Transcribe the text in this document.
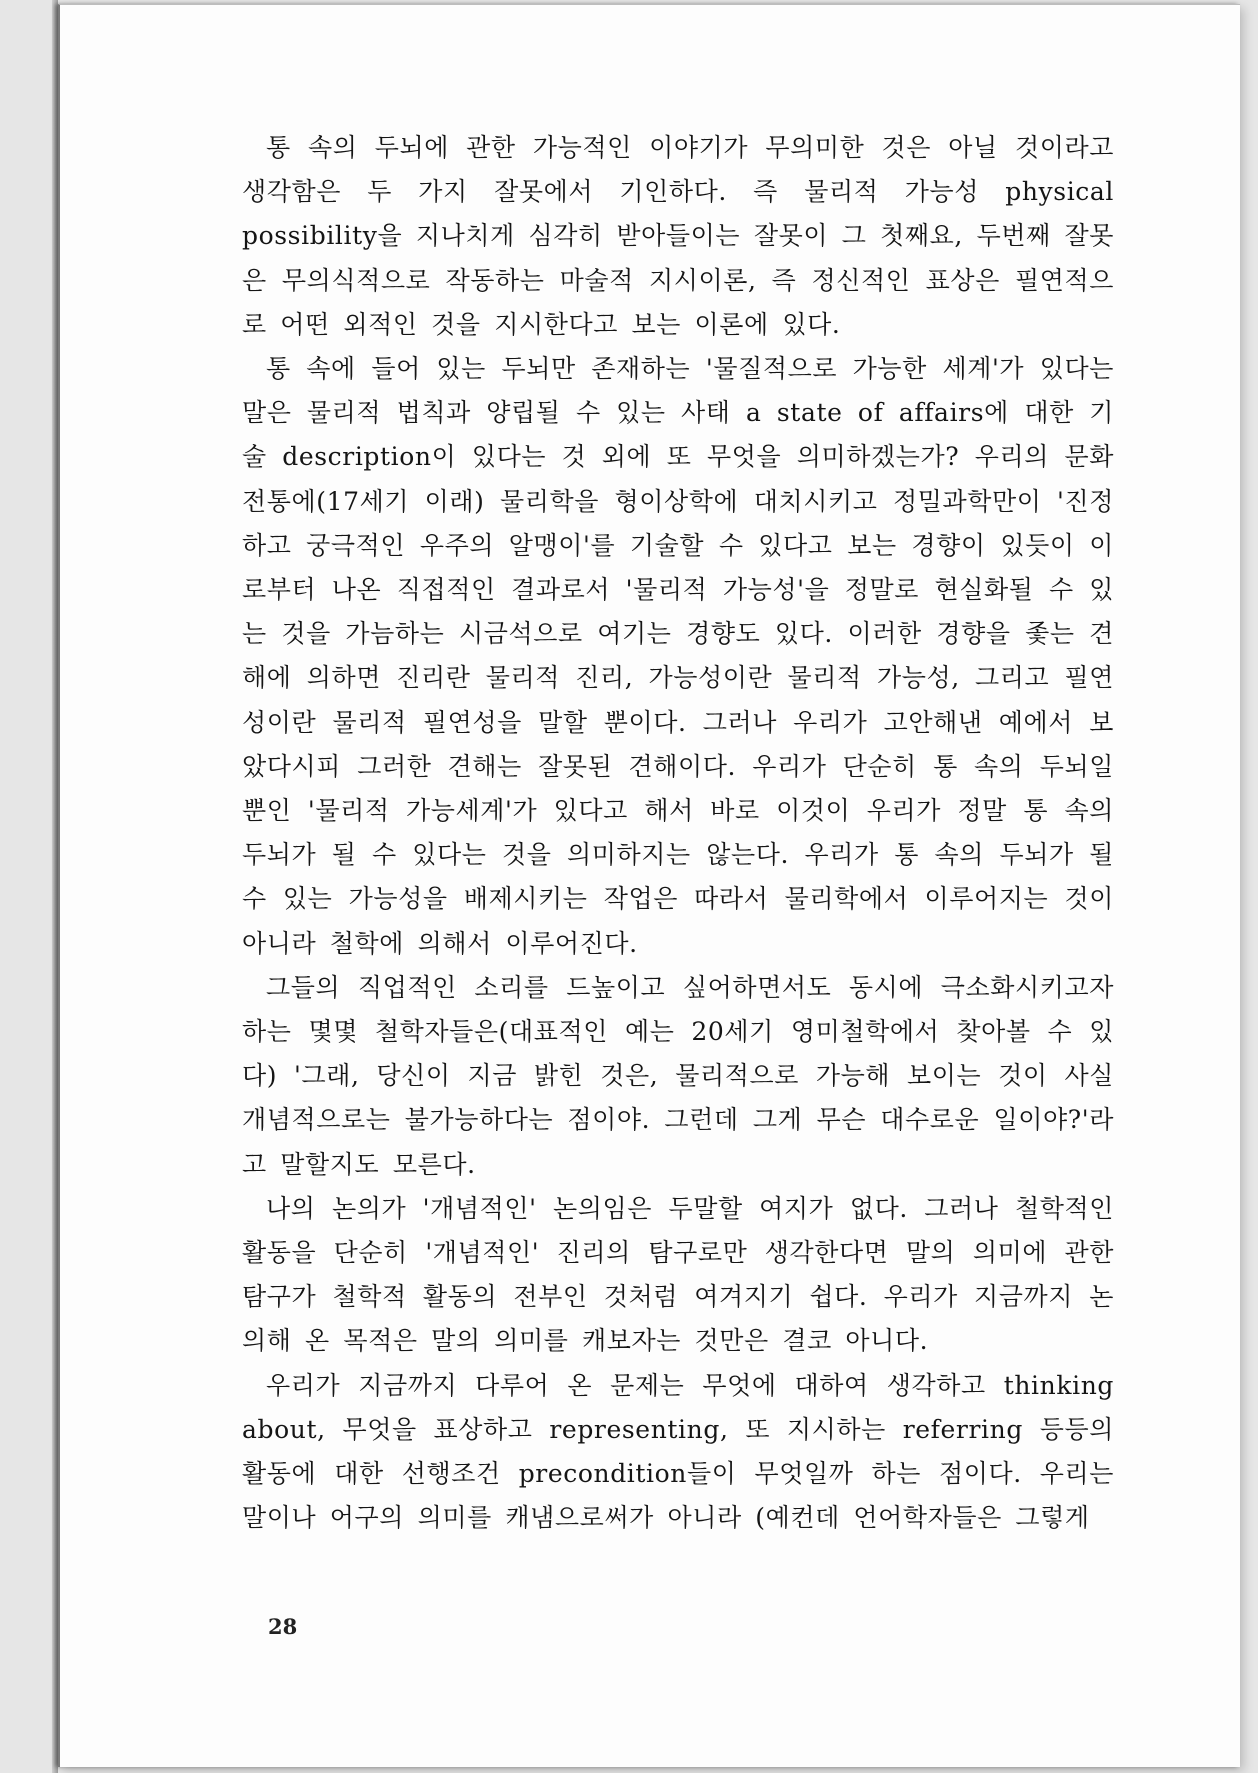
통 속의 두뇌에 관한 가능적인 이야기가 무의미한 것은 아닐 것이라고 생각함은 두 가지 잘못에서 기인하다. 즉 물리적 가능성 physical possibility을 지나치게 심각히 받아들이는 잘못이 그 첫째요, 두번째 잘못은 무의식적으로 작동하는 마술적 지시이론, 즉 정신적인 표상은 필연적으로 어떤 외적인 것을 지시한다고 보는 이론에 있다.

통 속에 들어 있는 두뇌만 존재하는 '물질적으로 가능한 세계'가 있다는 말은 물리적 법칙과 양립될 수 있는 사태 a state of affairs에 대한 기술 description이 있다는 것 외에 또 무엇을 의미하겠는가? 우리의 문화전통에(17세기 이래) 물리학을 형이상학에 대치시키고 정밀과학만이 '진정하고 궁극적인 우주의 알맹이'를 기술할 수 있다고 보는 경향이 있듯이 이로부터 나온 직접적인 결과로서 '물리적 가능성'을 정말로 현실화될 수 있는 것을 가늠하는 시금석으로 여기는 경향도 있다. 이러한 경향을 좇는 견해에 의하면 진리란 물리적 진리, 가능성이란 물리적 가능성, 그리고 필연성이란 물리적 필연성을 말할 뿐이다. 그러나 우리가 고안해낸 예에서 보았다시피 그러한 견해는 잘못된 견해이다. 우리가 단순히 통 속의 두뇌일 뿐인 '물리적 가능세계'가 있다고 해서 바로 이것이 우리가 정말 통 속의 두뇌가 될 수 있다는 것을 의미하지는 않는다. 우리가 통 속의 두뇌가 될 수 있는 가능성을 배제시키는 작업은 따라서 물리학에서 이루어지는 것이 아니라 철학에 의해서 이루어진다.

그들의 직업적인 소리를 드높이고 싶어하면서도 동시에 극소화시키고자 하는 몇몇 철학자들은(대표적인 예는 20세기 영미철학에서 찾아볼 수 있다) '그래, 당신이 지금 밝힌 것은, 물리적으로 가능해 보이는 것이 사실 개념적으로는 불가능하다는 점이야. 그런데 그게 무슨 대수로운 일이야?'라고 말할지도 모른다.

나의 논의가 '개념적인' 논의임은 두말할 여지가 없다. 그러나 철학적인 활동을 단순히 '개념적인' 진리의 탐구로만 생각한다면 말의 의미에 관한 탐구가 철학적 활동의 전부인 것처럼 여겨지기 쉽다. 우리가 지금까지 논의해 온 목적은 말의 의미를 캐보자는 것만은 결코 아니다.

우리가 지금까지 다루어 온 문제는 무엇에 대하여 생각하고 thinking about, 무엇을 표상하고 representing, 또 지시하는 referring 등등의 활동에 대한 선행조건 precondition들이 무엇일까 하는 점이다. 우리는 말이나 어구의 의미를 캐냄으로써가 아니라 (예컨데 언어학자들은 그렇게

28
